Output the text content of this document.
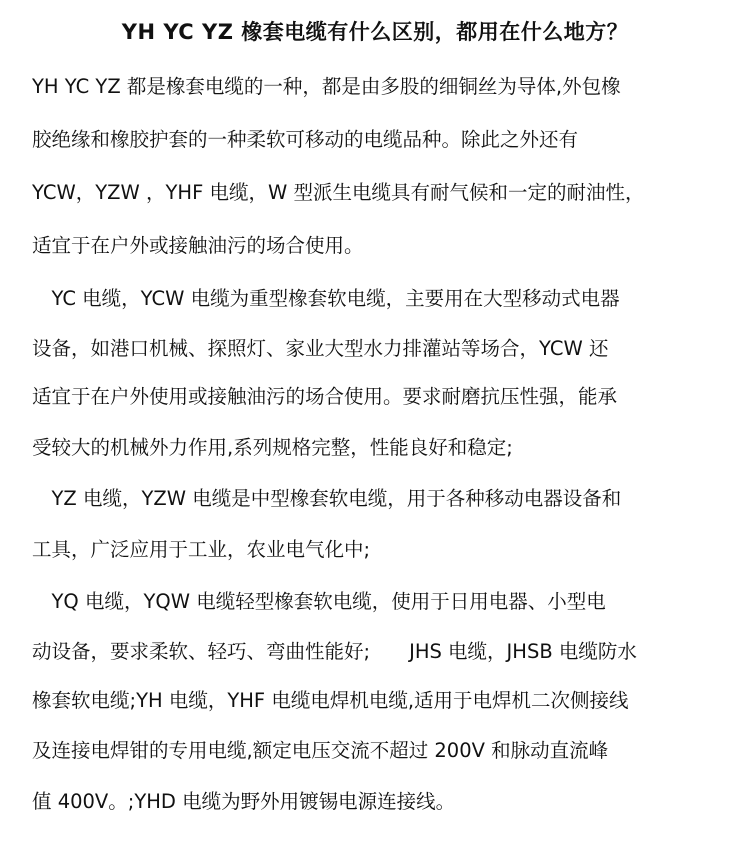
YH YC YZ 橡套电缆有什么区别，都用在什么地方？
YH YC YZ 都是橡套电缆的一种，都是由多股的细铜丝为导体,外包橡
胶绝缘和橡胶护套的一种柔软可移动的电缆品种。除此之外还有
YCW，YZW ，YHF 电缆，W 型派生电缆具有耐气候和一定的耐油性，
适宜于在户外或接触油污的场合使用。
　YC 电缆，YCW 电缆为重型橡套软电缆，主要用在大型移动式电器
设备，如港口机械、探照灯、家业大型水力排灌站等场合，YCW 还
适宜于在户外使用或接触油污的场合使用。要求耐磨抗压性强，能承
受较大的机械外力作用,系列规格完整，性能良好和稳定;
　YZ 电缆，YZW 电缆是中型橡套软电缆，用于各种移动电器设备和
工具，广泛应用于工业，农业电气化中;
　YQ 电缆，YQW 电缆轻型橡套软电缆，使用于日用电器、小型电
动设备，要求柔软、轻巧、弯曲性能好;　　JHS 电缆，JHSB 电缆防水
橡套软电缆;YH 电缆，YHF 电缆电焊机电缆,适用于电焊机二次侧接线
及连接电焊钳的专用电缆,额定电压交流不超过 200V 和脉动直流峰
值 400V。;YHD 电缆为野外用镀锡电源连接线。
